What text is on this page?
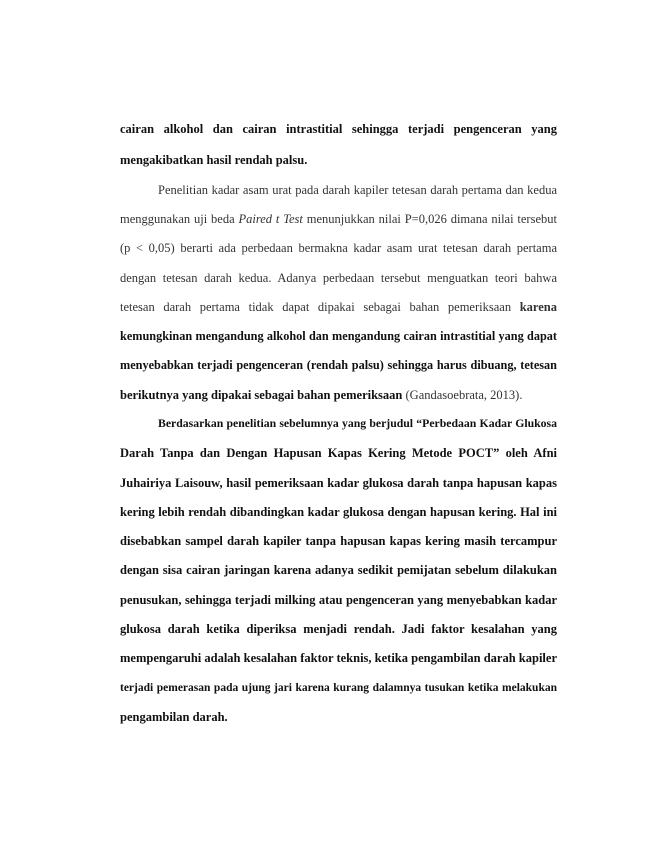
cairan alkohol dan cairan intrastitial sehingga terjadi pengenceran yang
mengakibatkan hasil rendah palsu.
Penelitian kadar asam urat pada darah kapiler tetesan darah pertama dan kedua
menggunakan uji beda Paired t Test menunjukkan nilai P=0,026 dimana nilai tersebut
(p < 0,05) berarti ada perbedaan bermakna kadar asam urat tetesan darah pertama
dengan tetesan darah kedua. Adanya perbedaan tersebut menguatkan teori bahwa
tetesan darah pertama tidak dapat dipakai sebagai bahan pemeriksaan karena
kemungkinan mengandung alkohol dan mengandung cairan intrastitial yang dapat
menyebabkan terjadi pengenceran (rendah palsu) sehingga harus dibuang, tetesan
berikutnya yang dipakai sebagai bahan pemeriksaan (Gandasoebrata, 2013).
Berdasarkan penelitian sebelumnya yang berjudul “Perbedaan Kadar Glukosa
Darah Tanpa dan Dengan Hapusan Kapas Kering Metode POCT” oleh Afni
Juhairiya Laisouw, hasil pemeriksaan kadar glukosa darah tanpa hapusan kapas
kering lebih rendah dibandingkan kadar glukosa dengan hapusan kering. Hal ini
disebabkan sampel darah kapiler tanpa hapusan kapas kering masih tercampur
dengan sisa cairan jaringan karena adanya sedikit pemijatan sebelum dilakukan
penusukan, sehingga terjadi milking atau pengenceran yang menyebabkan kadar
glukosa darah ketika diperiksa menjadi rendah. Jadi faktor kesalahan yang
mempengaruhi adalah kesalahan faktor teknis, ketika pengambilan darah kapiler
terjadi pemerasan pada ujung jari karena kurang dalamnya tusukan ketika melakukan
pengambilan darah.
